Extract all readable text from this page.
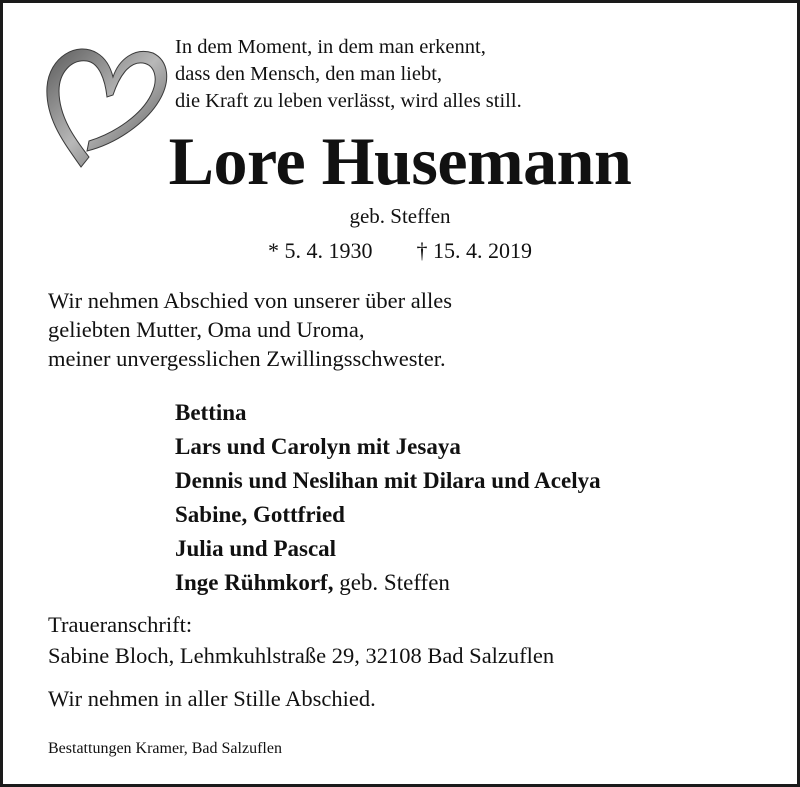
In dem Moment, in dem man erkennt,
dass den Mensch, den man liebt,
die Kraft zu leben verlässt, wird alles still.
Lore Husemann
geb. Steffen
* 5. 4. 1930 † 15. 4. 2019
Wir nehmen Abschied von unserer über alles
geliebten Mutter, Oma und Uroma,
meiner unvergesslichen Zwillingsschwester.
Bettina
Lars und Carolyn mit Jesaya
Dennis und Neslihan mit Dilara und Acelya
Sabine, Gottfried
Julia und Pascal
Inge Rühmkorf, geb. Steffen
Traueranschrift:
Sabine Bloch, Lehmkuhlstraße 29, 32108 Bad Salzuflen
Wir nehmen in aller Stille Abschied.
Bestattungen Kramer, Bad Salzuflen
